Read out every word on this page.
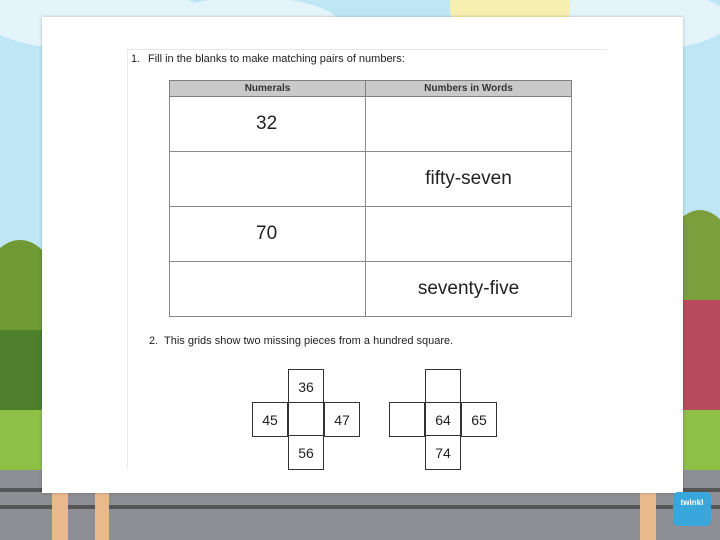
1. Fill in the blanks to make matching pairs of numbers:
Numerals	Numbers in Words
32	
	fifty-seven
70	
	seventy-five
2. This grids show two missing pieces from a hundred square.
36
45	47
56
64	65
74
twinkl
